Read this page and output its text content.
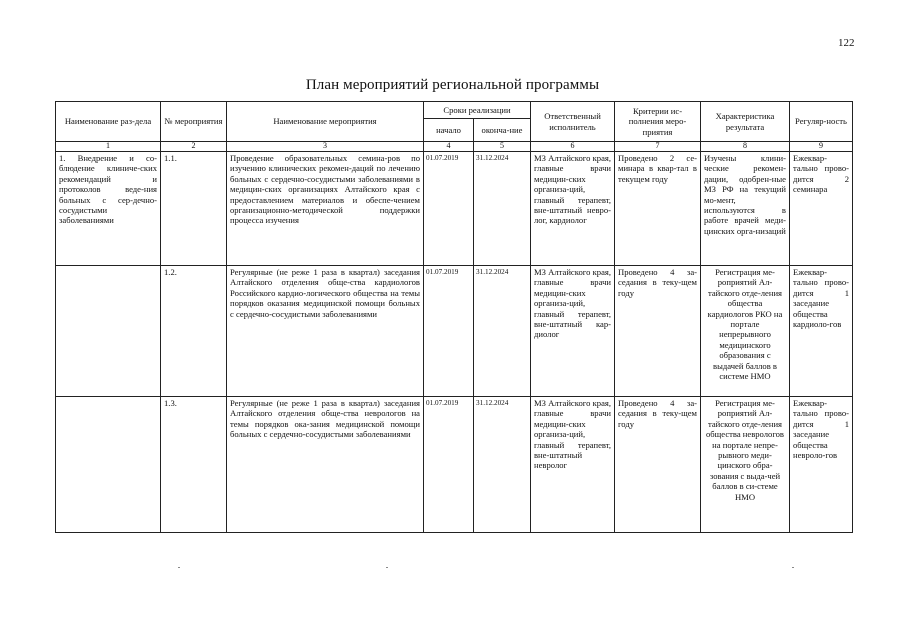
122
План мероприятий региональной программы
Наименование раз-дела	№ мероприятия	Наименование мероприятия	Сроки реализации		Ответственный исполнитель	Критерии ис-полнения меро-приятия	Характеристика результата	Регуляр-ность
			начало	оконча-ние				
1	2	3	4	5	6	7	8	9
1. Внедрение и со-блюдение клиниче-ских рекомендаций и протоколов веде-ния больных с сер-дечно-сосудистыми заболеваниями	1.1.	Проведение образовательных семина-ров по изучению клинических рекомен-даций по лечению больных с сердечно-сосудистыми заболеваниями в медицин-ских организациях Алтайского края с предоставлением материалов и обеспе-чением организационно-методической поддержки процесса изучения	01.07.2019	31.12.2024	МЗ Алтайского края, главные врачи медицин-ских организа-ций, главный терапевт, вне-штатный невро-лог, кардиолог	Проведено 2 се-минара в квар-тал в текущем году	Изучены клини-ческие рекомен-дации, одобрен-ные МЗ РФ на текущий мо-мент, используются в работе врачей меди-цинских орга-низаций	Ежеквар-тально прово-дится 2 семинара
	1.2.	Регулярные (не реже 1 раза в квартал) заседания Алтайского отделения обще-ства кардиологов Российского кардио-логического общества на темы порядков оказания медицинской помощи больных с сердечно-сосудистыми заболеваниями	01.07.2019	31.12.2024	МЗ Алтайского края, главные врачи медицин-ских организа-ций, главный терапевт, вне-штатный кар-диолог	Проведено 4 за-седания в теку-щем году	Регистрация ме-роприятий Ал-тайского отде-ления общества кардиологов РКО на портале непрерывного медицинского образования с выдачей баллов в системе НМО	Ежеквар-тально прово-дится 1 заседание общества кардиоло-гов
	1.3.	Регулярные (не реже 1 раза в квартал) заседания Алтайского отделения обще-ства неврологов на темы порядков ока-зания медицинской помощи больных с сердечно-сосудистыми заболеваниями	01.07.2019	31.12.2024	МЗ Алтайского края, главные врачи медицин-ских организа-ций, главный терапевт, вне-штатный невролог	Проведено 4 за-седания в теку-щем году	Регистрация ме-роприятий Ал-тайского отде-ления общества неврологов на портале непре-рывного меди-цинского обра-зования с выда-чей баллов в си-стеме НМО	Ежеквар-тально прово-дится 1 заседание общества невроло-гов
